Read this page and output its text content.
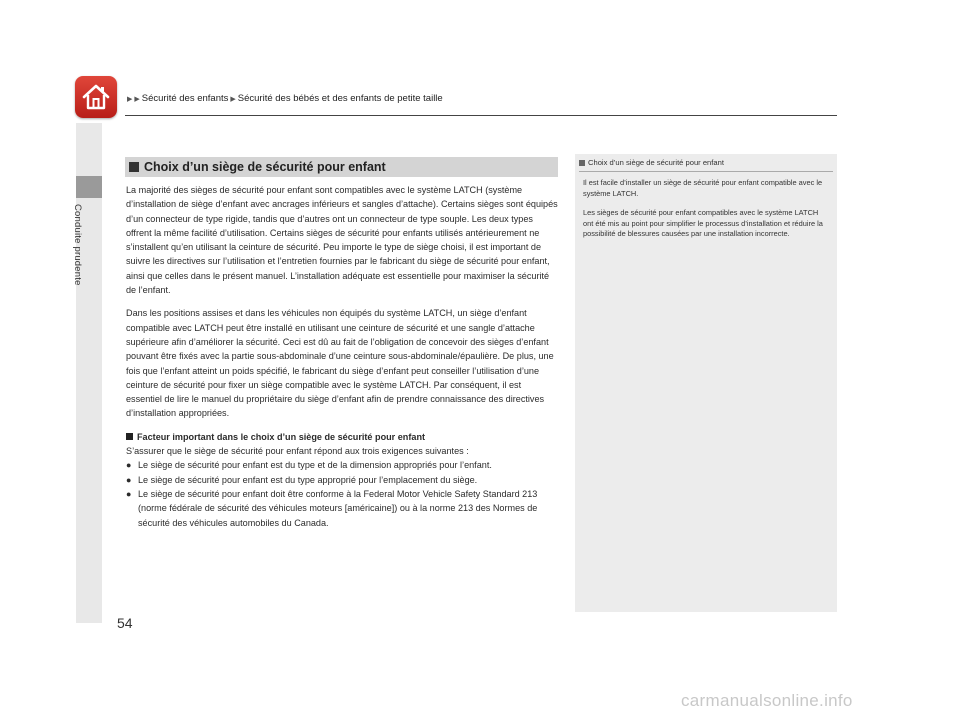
Conduite prudente
▶ ▶ Sécurité des enfants ▶ Sécurité des bébés et des enfants de petite taille
Choix d’un siège de sécurité pour enfant

La majorité des sièges de sécurité pour enfant sont compatibles avec le système LATCH (système d’installation de siège d’enfant avec ancrages inférieurs et sangles d’attache). Certains sièges sont équipés d’un connecteur de type rigide, tandis que d’autres ont un connecteur de type souple. Les deux types offrent la même facilité d’utilisation. Certains sièges de sécurité pour enfants utilisés antérieurement ne s’installent qu’en utilisant la ceinture de sécurité. Peu importe le type de siège choisi, il est important de suivre les directives sur l’utilisation et l’entretien fournies par le fabricant du siège de sécurité pour enfant, ainsi que celles dans le présent manuel. L’installation adéquate est essentielle pour maximiser la sécurité de l’enfant.

Dans les positions assises et dans les véhicules non équipés du système LATCH, un siège d’enfant compatible avec LATCH peut être installé en utilisant une ceinture de sécurité et une sangle d’attache supérieure afin d’améliorer la sécurité. Ceci est dû au fait de l’obligation de concevoir des sièges d’enfant pouvant être fixés avec la partie sous-abdominale d’une ceinture sous-abdominale/épaulière. De plus, une fois que l’enfant atteint un poids spécifié, le fabricant du siège d’enfant peut conseiller l’utilisation d’une ceinture de sécurité pour fixer un siège compatible avec le système LATCH. Par conséquent, il est essentiel de lire le manuel du propriétaire du siège d’enfant afin de prendre connaissance des directives d’installation appropriées.

Facteur important dans le choix d’un siège de sécurité pour enfant
S’assurer que le siège de sécurité pour enfant répond aux trois exigences suivantes :
● Le siège de sécurité pour enfant est du type et de la dimension appropriés pour l’enfant.
● Le siège de sécurité pour enfant est du type approprié pour l’emplacement du siège.
● Le siège de sécurité pour enfant doit être conforme à la Federal Motor Vehicle Safety Standard 213 (norme fédérale de sécurité des véhicules moteurs [américaine]) ou à la norme 213 des Normes de sécurité des véhicules automobiles du Canada.
Choix d’un siège de sécurité pour enfant

Il est facile d’installer un siège de sécurité pour enfant compatible avec le système LATCH.

Les sièges de sécurité pour enfant compatibles avec le système LATCH ont été mis au point pour simplifier le processus d’installation et réduire la possibilité de blessures causées par une installation incorrecte.

54
carmanualsonline.info
